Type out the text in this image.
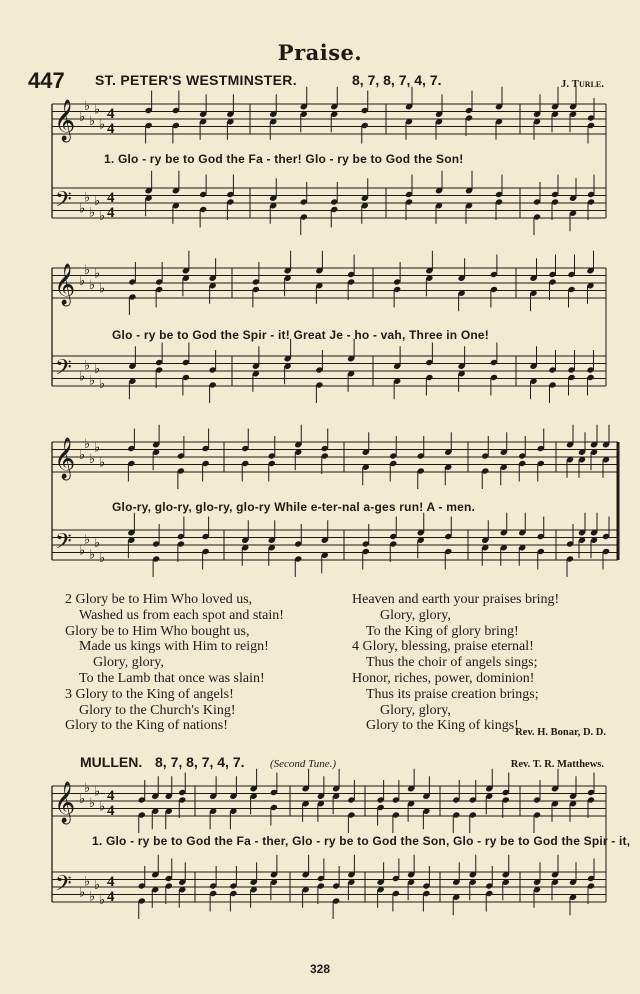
Praise.
447 ST. PETER'S WESTMINSTER.	8, 7, 8, 7, 4, 7.	J. Turle.
𝄞
𝄢
♭
♭
♭
♭
♭
♭
♭
♭
♭
♭
4
4
4
4
𝄞
𝄢
♭
♭
♭
♭
♭
♭
♭
♭
♭
♭
𝄞
𝄢
♭
♭
♭
♭
♭
♭
♭
♭
♭
♭
𝄞
𝄢
♭
♭
♭
♭
♭
♭
♭
♭
♭
♭
4
4
4
4
1. Glo - ry be to God the Fa - ther! Glo - ry be to God the Son!
Glo - ry be to God the Spir - it! Great Je - ho - vah, Three in One!
Glo-ry, glo-ry, glo-ry, glo-ry While e-ter-nal a-ges run! A - men.
2 Glory be to Him Who loved us,
Washed us from each spot and stain!
Glory be to Him Who bought us,
Made us kings with Him to reign!
Glory, glory,
To the Lamb that once was slain!
3 Glory to the King of angels!
Glory to the Church's King!
Glory to the King of nations!
Heaven and earth your praises bring!
Glory, glory,
To the King of glory bring!
4 Glory, blessing, praise eternal!
Thus the choir of angels sings;
Honor, riches, power, dominion!
Thus its praise creation brings;
Glory, glory,
Glory to the King of kings!
Rev. H. Bonar, D. D.
MULLEN. 8, 7, 8, 7, 4, 7. (Second Tune.)	Rev. T. R. Matthews.
1. Glo - ry be to God the Fa - ther, Glo - ry be to God the Son, Glo - ry be to God the Spir - it,
328
